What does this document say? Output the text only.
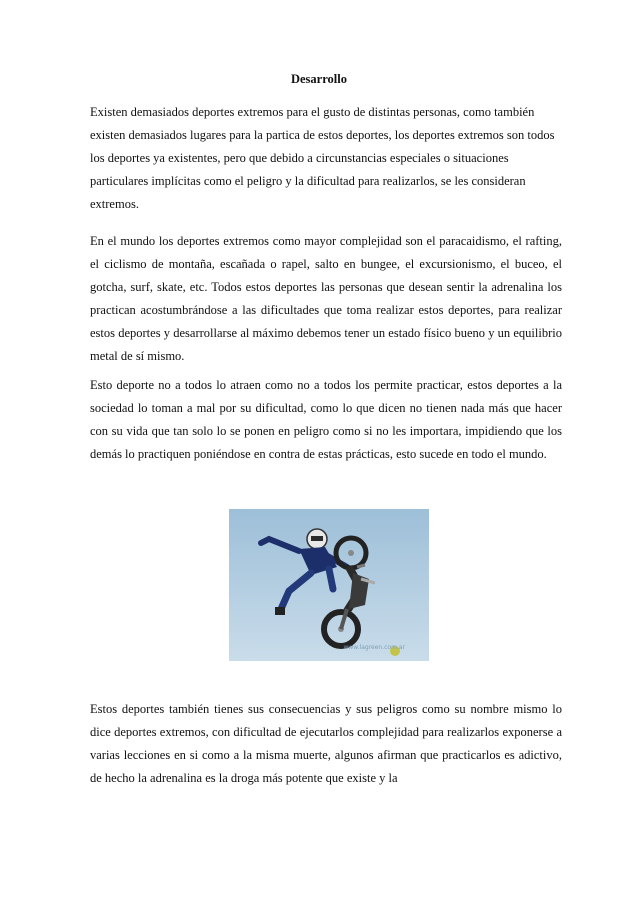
Desarrollo

Existen demasiados deportes extremos para el gusto de distintas personas, como también existen demasiados lugares para la partica de estos deportes, los deportes extremos son todos los deportes ya existentes, pero que debido a circunstancias especiales o situaciones particulares implícitas como el peligro y la dificultad para realizarlos, se les consideran extremos.

En el mundo los deportes extremos como mayor complejidad son el paracaidismo, el rafting, el ciclismo de montaña, escañada o rapel, salto en bungee, el excursionismo, el buceo, el gotcha, surf, skate, etc. Todos estos deportes las personas que desean sentir la adrenalina los practican acostumbrándose a las dificultades que toma realizar estos deportes, para realizar estos deportes y desarrollarse al máximo debemos tener un estado físico bueno y un equilibrio metal de sí mismo.

Esto deporte no a todos lo atraen como no a todos los permite practicar, estos deportes a la sociedad lo toman a mal por su dificultad, como lo que dicen no tienen nada más que hacer con su vida que tan solo lo se ponen en peligro como si no les importara, impidiendo que los demás lo practiquen poniéndose en contra de estas prácticas, esto sucede en todo el mundo.

www.lagreen.com.ar

Estos deportes también tienes sus consecuencias y sus peligros como su nombre mismo lo dice deportes extremos, con dificultad de ejecutarlos complejidad para realizarlos exponerse a varias lecciones en si como a la misma muerte, algunos afirman que practicarlos es adictivo, de hecho la adrenalina es la droga más potente que existe y la
